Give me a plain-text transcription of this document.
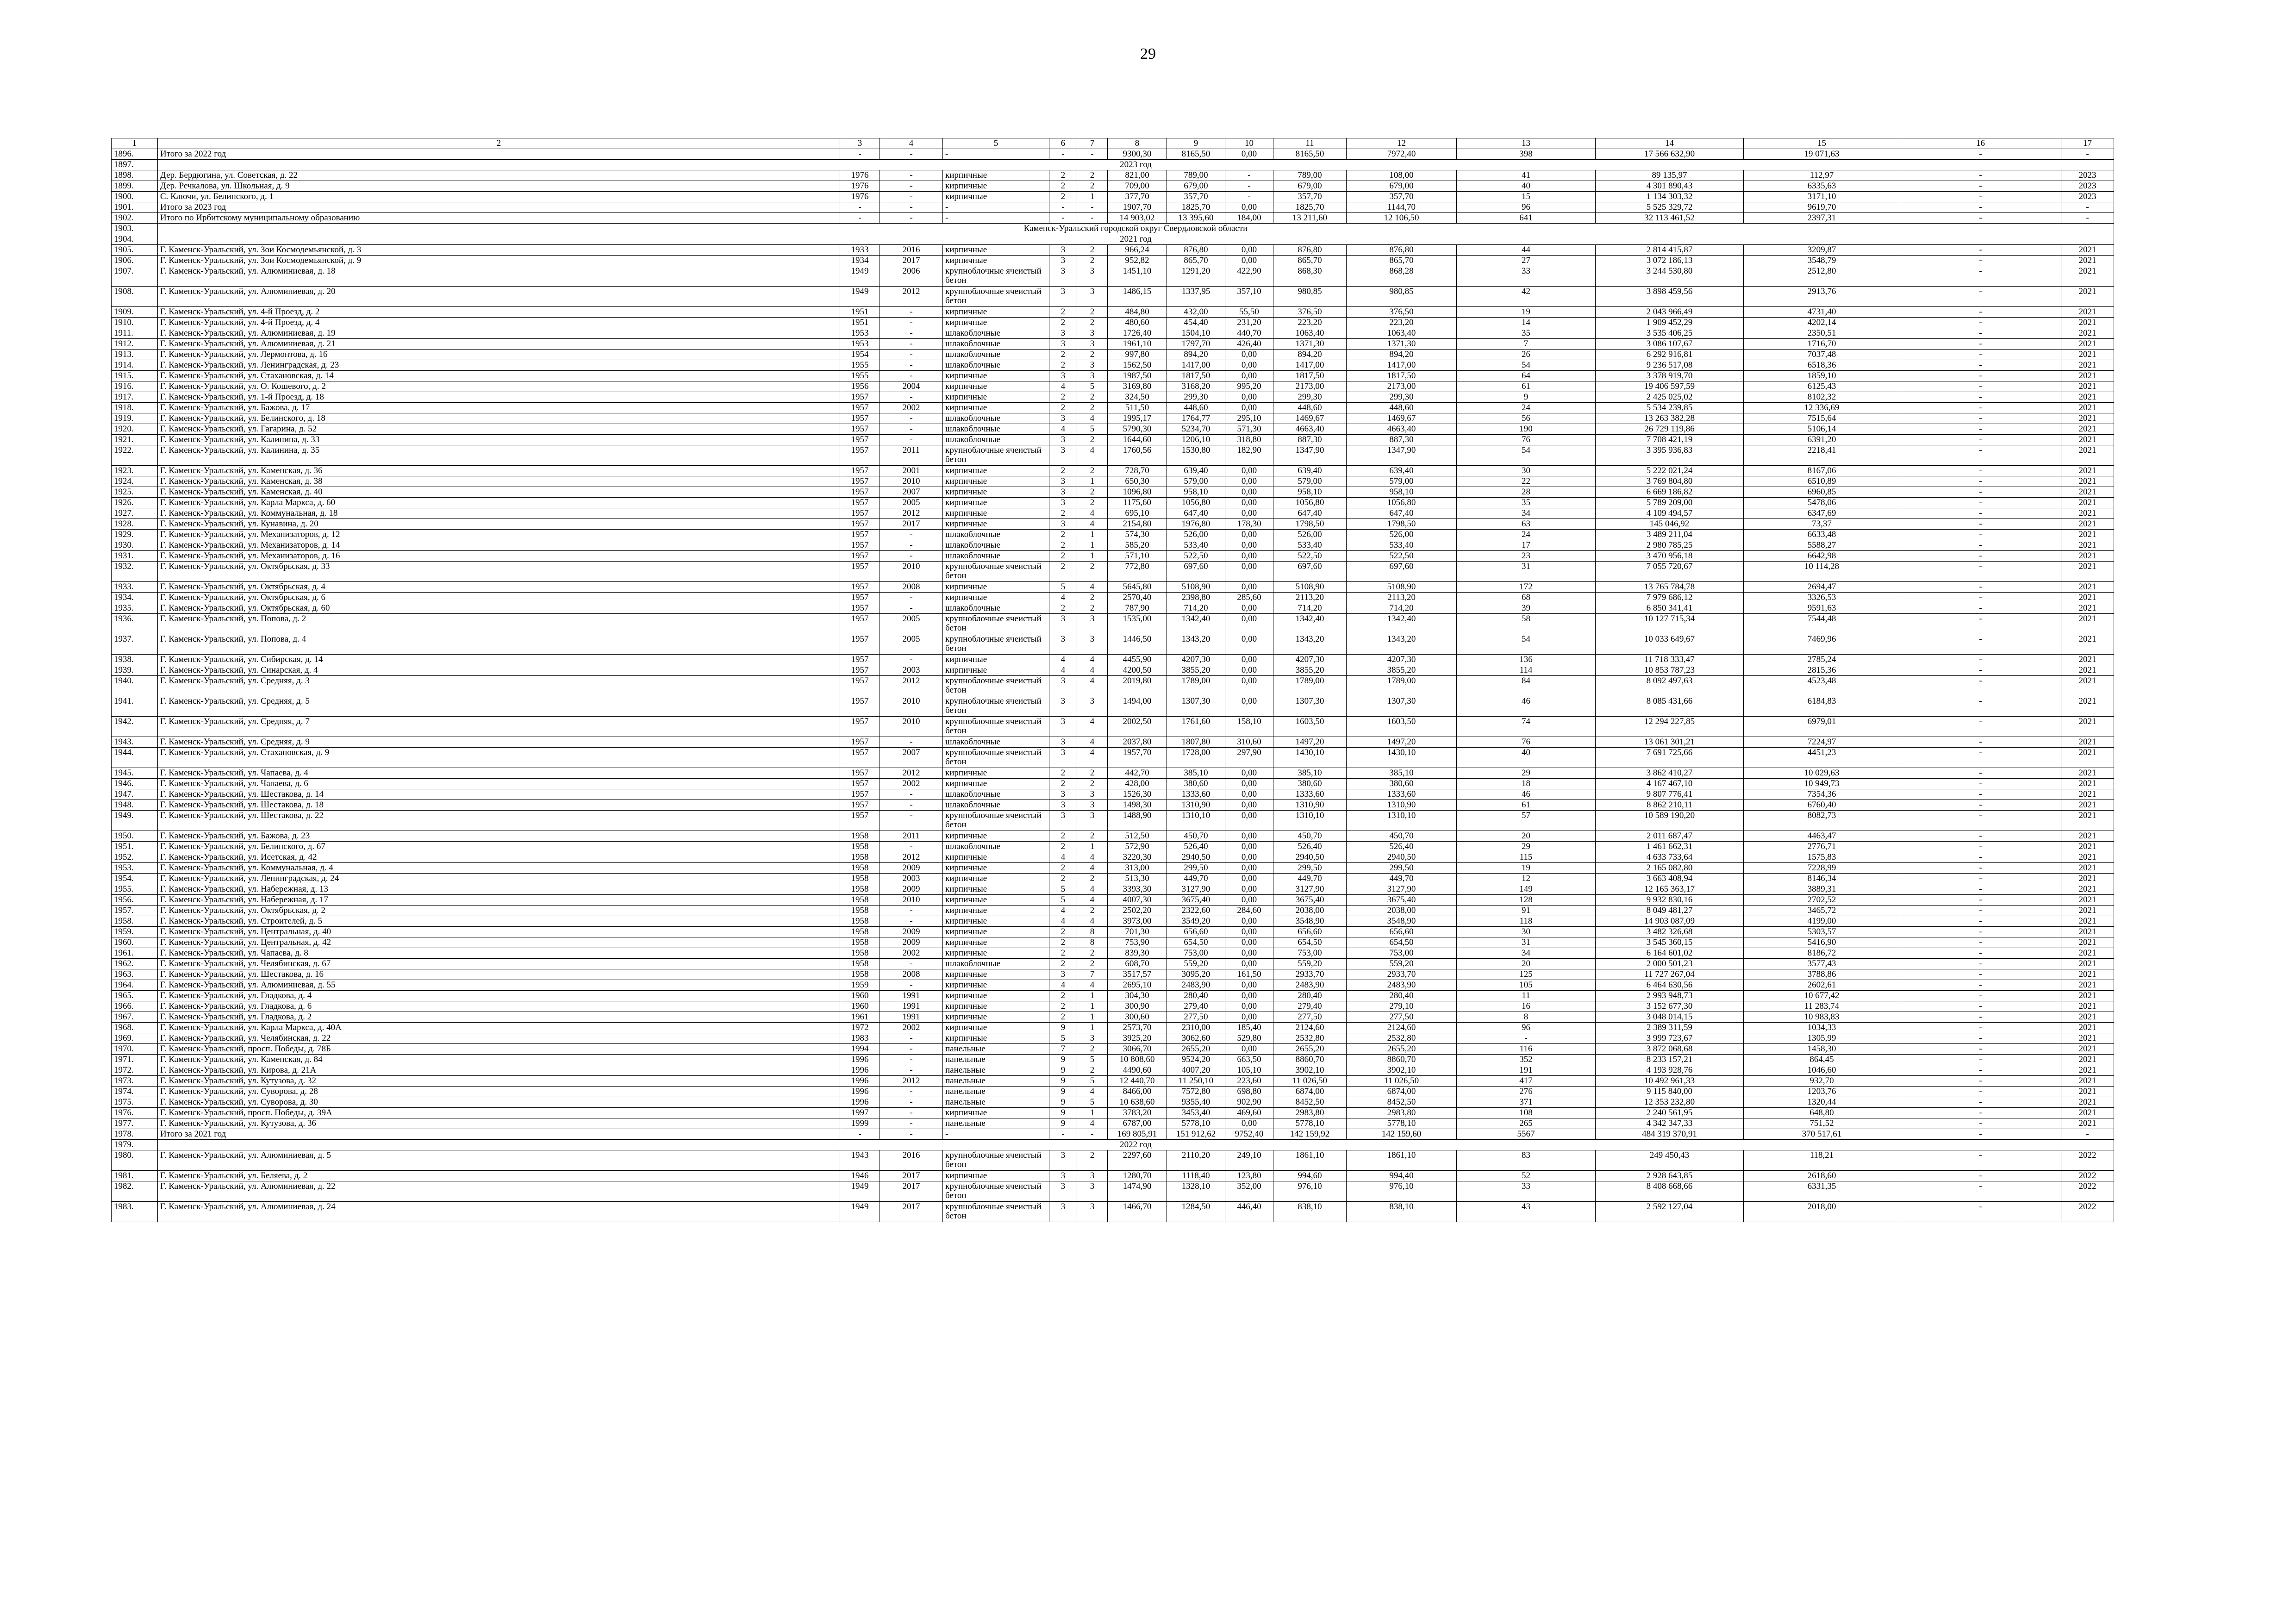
29
1	2	3	4	5	6	7	8	9	10	11	12	13	14	15	16	17
1896.	Итого за 2022 год	-	-	-	-	-	9300,30	8165,50	0,00	8165,50	7972,40	398	17 566 632,90	19 071,63	-	-
1897.	2023 год															
1898.	Дер. Бердюгина, ул. Советская, д. 22	1976	-	кирпичные	2	2	821,00	789,00	-	789,00	108,00	41	89 135,97	112,97	-	2023
1899.	Дер. Речкалова, ул. Школьная, д. 9	1976	-	кирпичные	2	2	709,00	679,00	-	679,00	679,00	40	4 301 890,43	6335,63	-	2023
1900.	С. Ключи, ул. Белинского, д. 1	1976	-	кирпичные	2	1	377,70	357,70	-	357,70	357,70	15	1 134 303,32	3171,10	-	2023
1901.	Итого за 2023 год	-	-	-	-	-	1907,70	1825,70	0,00	1825,70	1144,70	96	5 525 329,72	9619,70	-	-
1902.	Итого по Ирбитскому муниципальному образованию	-	-	-	-	-	14 903,02	13 395,60	184,00	13 211,60	12 106,50	641	32 113 461,52	2397,31	-	-
1903.	Каменск-Уральский городской округ Свердловской области															
1904.	2021 год															
1905.	Г. Каменск-Уральский, ул. Зои Космодемьянской, д. 3	1933	2016	кирпичные	3	2	966,24	876,80	0,00	876,80	876,80	44	2 814 415,87	3209,87	-	2021
1906.	Г. Каменск-Уральский, ул. Зои Космодемьянской, д. 9	1934	2017	кирпичные	3	2	952,82	865,70	0,00	865,70	865,70	27	3 072 186,13	3548,79	-	2021
1907.	Г. Каменск-Уральский, ул. Алюминиевая, д. 18	1949	2006	крупноблочные ячеистый бетон	3	3	1451,10	1291,20	422,90	868,30	868,28	33	3 244 530,80	2512,80	-	2021
1908.	Г. Каменск-Уральский, ул. Алюминиевая, д. 20	1949	2012	крупноблочные ячеистый бетон	3	3	1486,15	1337,95	357,10	980,85	980,85	42	3 898 459,56	2913,76	-	2021
1909.	Г. Каменск-Уральский, ул. 4-й Проезд, д. 2	1951	-	кирпичные	2	2	484,80	432,00	55,50	376,50	376,50	19	2 043 966,49	4731,40	-	2021
1910.	Г. Каменск-Уральский, ул. 4-й Проезд, д. 4	1951	-	кирпичные	2	2	480,60	454,40	231,20	223,20	223,20	14	1 909 452,29	4202,14	-	2021
1911.	Г. Каменск-Уральский, ул. Алюминиевая, д. 19	1953	-	шлакоблочные	3	3	1726,40	1504,10	440,70	1063,40	1063,40	35	3 535 406,25	2350,51	-	2021
1912.	Г. Каменск-Уральский, ул. Алюминиевая, д. 21	1953	-	шлакоблочные	3	3	1961,10	1797,70	426,40	1371,30	1371,30	7	3 086 107,67	1716,70	-	2021
1913.	Г. Каменск-Уральский, ул. Лермонтова, д. 16	1954	-	шлакоблочные	2	2	997,80	894,20	0,00	894,20	894,20	26	6 292 916,81	7037,48	-	2021
1914.	Г. Каменск-Уральский, ул. Ленинградская, д. 23	1955	-	шлакоблочные	2	3	1562,50	1417,00	0,00	1417,00	1417,00	54	9 236 517,08	6518,36	-	2021
1915.	Г. Каменск-Уральский, ул. Стахановская, д. 14	1955	-	кирпичные	3	3	1987,50	1817,50	0,00	1817,50	1817,50	64	3 378 919,70	1859,10	-	2021
1916.	Г. Каменск-Уральский, ул. О. Кошевого, д. 2	1956	2004	кирпичные	4	5	3169,80	3168,20	995,20	2173,00	2173,00	61	19 406 597,59	6125,43	-	2021
1917.	Г. Каменск-Уральский, ул. 1-й Проезд, д. 18	1957	-	кирпичные	2	2	324,50	299,30	0,00	299,30	299,30	9	2 425 025,02	8102,32	-	2021
1918.	Г. Каменск-Уральский, ул. Бажова, д. 17	1957	2002	кирпичные	2	2	511,50	448,60	0,00	448,60	448,60	24	5 534 239,85	12 336,69	-	2021
1919.	Г. Каменск-Уральский, ул. Белинского, д. 18	1957	-	шлакоблочные	3	4	1995,17	1764,77	295,10	1469,67	1469,67	56	13 263 382,28	7515,64	-	2021
1920.	Г. Каменск-Уральский, ул. Гагарина, д. 52	1957	-	шлакоблочные	4	5	5790,30	5234,70	571,30	4663,40	4663,40	190	26 729 119,86	5106,14	-	2021
1921.	Г. Каменск-Уральский, ул. Калинина, д. 33	1957	-	шлакоблочные	3	2	1644,60	1206,10	318,80	887,30	887,30	76	7 708 421,19	6391,20	-	2021
1922.	Г. Каменск-Уральский, ул. Калинина, д. 35	1957	2011	крупноблочные ячеистый бетон	3	4	1760,56	1530,80	182,90	1347,90	1347,90	54	3 395 936,83	2218,41	-	2021
1923.	Г. Каменск-Уральский, ул. Каменская, д. 36	1957	2001	кирпичные	2	2	728,70	639,40	0,00	639,40	639,40	30	5 222 021,24	8167,06	-	2021
1924.	Г. Каменск-Уральский, ул. Каменская, д. 38	1957	2010	кирпичные	3	1	650,30	579,00	0,00	579,00	579,00	22	3 769 804,80	6510,89	-	2021
1925.	Г. Каменск-Уральский, ул. Каменская, д. 40	1957	2007	кирпичные	3	2	1096,80	958,10	0,00	958,10	958,10	28	6 669 186,82	6960,85	-	2021
1926.	Г. Каменск-Уральский, ул. Карла Маркса, д. 60	1957	2005	кирпичные	3	2	1175,60	1056,80	0,00	1056,80	1056,80	35	5 789 209,00	5478,06	-	2021
1927.	Г. Каменск-Уральский, ул. Коммунальная, д. 18	1957	2012	кирпичные	2	4	695,10	647,40	0,00	647,40	647,40	34	4 109 494,57	6347,69	-	2021
1928.	Г. Каменск-Уральский, ул. Кунавина, д. 20	1957	2017	кирпичные	3	4	2154,80	1976,80	178,30	1798,50	1798,50	63	145 046,92	73,37	-	2021
1929.	Г. Каменск-Уральский, ул. Механизаторов, д. 12	1957	-	шлакоблочные	2	1	574,30	526,00	0,00	526,00	526,00	24	3 489 211,04	6633,48	-	2021
1930.	Г. Каменск-Уральский, ул. Механизаторов, д. 14	1957	-	шлакоблочные	2	1	585,20	533,40	0,00	533,40	533,40	17	2 980 785,25	5588,27	-	2021
1931.	Г. Каменск-Уральский, ул. Механизаторов, д. 16	1957	-	шлакоблочные	2	1	571,10	522,50	0,00	522,50	522,50	23	3 470 956,18	6642,98	-	2021
1932.	Г. Каменск-Уральский, ул. Октябрьская, д. 33	1957	2010	крупноблочные ячеистый бетон	2	2	772,80	697,60	0,00	697,60	697,60	31	7 055 720,67	10 114,28	-	2021
1933.	Г. Каменск-Уральский, ул. Октябрьская, д. 4	1957	2008	кирпичные	5	4	5645,80	5108,90	0,00	5108,90	5108,90	172	13 765 784,78	2694,47	-	2021
1934.	Г. Каменск-Уральский, ул. Октябрьская, д. 6	1957	-	кирпичные	4	2	2570,40	2398,80	285,60	2113,20	2113,20	68	7 979 686,12	3326,53	-	2021
1935.	Г. Каменск-Уральский, ул. Октябрьская, д. 60	1957	-	шлакоблочные	2	2	787,90	714,20	0,00	714,20	714,20	39	6 850 341,41	9591,63	-	2021
1936.	Г. Каменск-Уральский, ул. Попова, д. 2	1957	2005	крупноблочные ячеистый бетон	3	3	1535,00	1342,40	0,00	1342,40	1342,40	58	10 127 715,34	7544,48	-	2021
1937.	Г. Каменск-Уральский, ул. Попова, д. 4	1957	2005	крупноблочные ячеистый бетон	3	3	1446,50	1343,20	0,00	1343,20	1343,20	54	10 033 649,67	7469,96	-	2021
1938.	Г. Каменск-Уральский, ул. Сибирская, д. 14	1957	-	кирпичные	4	4	4455,90	4207,30	0,00	4207,30	4207,30	136	11 718 333,47	2785,24	-	2021
1939.	Г. Каменск-Уральский, ул. Синарская, д. 4	1957	2003	кирпичные	4	4	4200,50	3855,20	0,00	3855,20	3855,20	114	10 853 787,23	2815,36	-	2021
1940.	Г. Каменск-Уральский, ул. Средняя, д. 3	1957	2012	крупноблочные ячеистый бетон	3	4	2019,80	1789,00	0,00	1789,00	1789,00	84	8 092 497,63	4523,48	-	2021
1941.	Г. Каменск-Уральский, ул. Средняя, д. 5	1957	2010	крупноблочные ячеистый бетон	3	3	1494,00	1307,30	0,00	1307,30	1307,30	46	8 085 431,66	6184,83	-	2021
1942.	Г. Каменск-Уральский, ул. Средняя, д. 7	1957	2010	крупноблочные ячеистый бетон	3	4	2002,50	1761,60	158,10	1603,50	1603,50	74	12 294 227,85	6979,01	-	2021
1943.	Г. Каменск-Уральский, ул. Средняя, д. 9	1957	-	шлакоблочные	3	4	2037,80	1807,80	310,60	1497,20	1497,20	76	13 061 301,21	7224,97	-	2021
1944.	Г. Каменск-Уральский, ул. Стахановская, д. 9	1957	2007	крупноблочные ячеистый бетон	3	4	1957,70	1728,00	297,90	1430,10	1430,10	40	7 691 725,66	4451,23	-	2021
1945.	Г. Каменск-Уральский, ул. Чапаева, д. 4	1957	2012	кирпичные	2	2	442,70	385,10	0,00	385,10	385,10	29	3 862 410,27	10 029,63	-	2021
1946.	Г. Каменск-Уральский, ул. Чапаева, д. 6	1957	2002	кирпичные	2	2	428,00	380,60	0,00	380,60	380,60	18	4 167 467,10	10 949,73	-	2021
1947.	Г. Каменск-Уральский, ул. Шестакова, д. 14	1957	-	шлакоблочные	3	3	1526,30	1333,60	0,00	1333,60	1333,60	46	9 807 776,41	7354,36	-	2021
1948.	Г. Каменск-Уральский, ул. Шестакова, д. 18	1957	-	шлакоблочные	3	3	1498,30	1310,90	0,00	1310,90	1310,90	61	8 862 210,11	6760,40	-	2021
1949.	Г. Каменск-Уральский, ул. Шестакова, д. 22	1957	-	крупноблочные ячеистый бетон	3	3	1488,90	1310,10	0,00	1310,10	1310,10	57	10 589 190,20	8082,73	-	2021
1950.	Г. Каменск-Уральский, ул. Бажова, д. 23	1958	2011	кирпичные	2	2	512,50	450,70	0,00	450,70	450,70	20	2 011 687,47	4463,47	-	2021
1951.	Г. Каменск-Уральский, ул. Белинского, д. 67	1958	-	шлакоблочные	2	1	572,90	526,40	0,00	526,40	526,40	29	1 461 662,31	2776,71	-	2021
1952.	Г. Каменск-Уральский, ул. Исетская, д. 42	1958	2012	кирпичные	4	4	3220,30	2940,50	0,00	2940,50	2940,50	115	4 633 733,64	1575,83	-	2021
1953.	Г. Каменск-Уральский, ул. Коммунальная, д. 4	1958	2009	кирпичные	2	4	313,00	299,50	0,00	299,50	299,50	19	2 165 082,80	7228,99	-	2021
1954.	Г. Каменск-Уральский, ул. Ленинградская, д. 24	1958	2003	кирпичные	2	2	513,30	449,70	0,00	449,70	449,70	12	3 663 408,94	8146,34	-	2021
1955.	Г. Каменск-Уральский, ул. Набережная, д. 13	1958	2009	кирпичные	5	4	3393,30	3127,90	0,00	3127,90	3127,90	149	12 165 363,17	3889,31	-	2021
1956.	Г. Каменск-Уральский, ул. Набережная, д. 17	1958	2010	кирпичные	5	4	4007,30	3675,40	0,00	3675,40	3675,40	128	9 932 830,16	2702,52	-	2021
1957.	Г. Каменск-Уральский, ул. Октябрьская, д. 2	1958	-	кирпичные	4	2	2502,20	2322,60	284,60	2038,00	2038,00	91	8 049 481,27	3465,72	-	2021
1958.	Г. Каменск-Уральский, ул. Строителей, д. 5	1958	-	кирпичные	4	4	3973,00	3549,20	0,00	3548,90	3548,90	118	14 903 087,09	4199,00	-	2021
1959.	Г. Каменск-Уральский, ул. Центральная, д. 40	1958	2009	кирпичные	2	8	701,30	656,60	0,00	656,60	656,60	30	3 482 326,68	5303,57	-	2021
1960.	Г. Каменск-Уральский, ул. Центральная, д. 42	1958	2009	кирпичные	2	8	753,90	654,50	0,00	654,50	654,50	31	3 545 360,15	5416,90	-	2021
1961.	Г. Каменск-Уральский, ул. Чапаева, д. 8	1958	2002	кирпичные	2	2	839,30	753,00	0,00	753,00	753,00	34	6 164 601,02	8186,72	-	2021
1962.	Г. Каменск-Уральский, ул. Челябинская, д. 67	1958	-	шлакоблочные	2	2	608,70	559,20	0,00	559,20	559,20	20	2 000 501,23	3577,43	-	2021
1963.	Г. Каменск-Уральский, ул. Шестакова, д. 16	1958	2008	кирпичные	3	7	3517,57	3095,20	161,50	2933,70	2933,70	125	11 727 267,04	3788,86	-	2021
1964.	Г. Каменск-Уральский, ул. Алюминиевая, д. 55	1959	-	кирпичные	4	4	2695,10	2483,90	0,00	2483,90	2483,90	105	6 464 630,56	2602,61	-	2021
1965.	Г. Каменск-Уральский, ул. Гладкова, д. 4	1960	1991	кирпичные	2	1	304,30	280,40	0,00	280,40	280,40	11	2 993 948,73	10 677,42	-	2021
1966.	Г. Каменск-Уральский, ул. Гладкова, д. 6	1960	1991	кирпичные	2	1	300,90	279,40	0,00	279,40	279,10	16	3 152 677,30	11 283,74	-	2021
1967.	Г. Каменск-Уральский, ул. Гладкова, д. 2	1961	1991	кирпичные	2	1	300,60	277,50	0,00	277,50	277,50	8	3 048 014,15	10 983,83	-	2021
1968.	Г. Каменск-Уральский, ул. Карла Маркса, д. 40А	1972	2002	кирпичные	9	1	2573,70	2310,00	185,40	2124,60	2124,60	96	2 389 311,59	1034,33	-	2021
1969.	Г. Каменск-Уральский, ул. Челябинская, д. 22	1983	-	кирпичные	5	3	3925,20	3062,60	529,80	2532,80	2532,80	-	3 999 723,67	1305,99	-	2021
1970.	Г. Каменск-Уральский, просп. Победы, д. 78Б	1994	-	панельные	7	2	3066,70	2655,20	0,00	2655,20	2655,20	116	3 872 068,68	1458,30	-	2021
1971.	Г. Каменск-Уральский, ул. Каменская, д. 84	1996	-	панельные	9	5	10 808,60	9524,20	663,50	8860,70	8860,70	352	8 233 157,21	864,45	-	2021
1972.	Г. Каменск-Уральский, ул. Кирова, д. 21А	1996	-	панельные	9	2	4490,60	4007,20	105,10	3902,10	3902,10	191	4 193 928,76	1046,60	-	2021
1973.	Г. Каменск-Уральский, ул. Кутузова, д. 32	1996	2012	панельные	9	5	12 440,70	11 250,10	223,60	11 026,50	11 026,50	417	10 492 961,33	932,70	-	2021
1974.	Г. Каменск-Уральский, ул. Суворова, д. 28	1996	-	панельные	9	4	8466,00	7572,80	698,80	6874,00	6874,00	276	9 115 840,00	1203,76	-	2021
1975.	Г. Каменск-Уральский, ул. Суворова, д. 30	1996	-	панельные	9	5	10 638,60	9355,40	902,90	8452,50	8452,50	371	12 353 232,80	1320,44	-	2021
1976.	Г. Каменск-Уральский, просп. Победы, д. 39А	1997	-	кирпичные	9	1	3783,20	3453,40	469,60	2983,80	2983,80	108	2 240 561,95	648,80	-	2021
1977.	Г. Каменск-Уральский, ул. Кутузова, д. 36	1999	-	панельные	9	4	6787,00	5778,10	0,00	5778,10	5778,10	265	4 342 347,33	751,52	-	2021
1978.	Итого за 2021 год	-	-	-	-	-	169 805,91	151 912,62	9752,40	142 159,92	142 159,60	5567	484 319 370,91	370 517,61	-	-
1979.	2022 год															
1980.	Г. Каменск-Уральский, ул. Алюминиевая, д. 5	1943	2016	крупноблочные ячеистый бетон	3	2	2297,60	2110,20	249,10	1861,10	1861,10	83	249 450,43	118,21	-	2022
1981.	Г. Каменск-Уральский, ул. Беляева, д. 2	1946	2017	кирпичные	3	3	1280,70	1118,40	123,80	994,60	994,40	52	2 928 643,85	2618,60	-	2022
1982.	Г. Каменск-Уральский, ул. Алюминиевая, д. 22	1949	2017	крупноблочные ячеистый бетон	3	3	1474,90	1328,10	352,00	976,10	976,10	33	8 408 668,66	6331,35	-	2022
1983.	Г. Каменск-Уральский, ул. Алюминиевая, д. 24	1949	2017	крупноблочные ячеистый бетон	3	3	1466,70	1284,50	446,40	838,10	838,10	43	2 592 127,04	2018,00	-	2022
